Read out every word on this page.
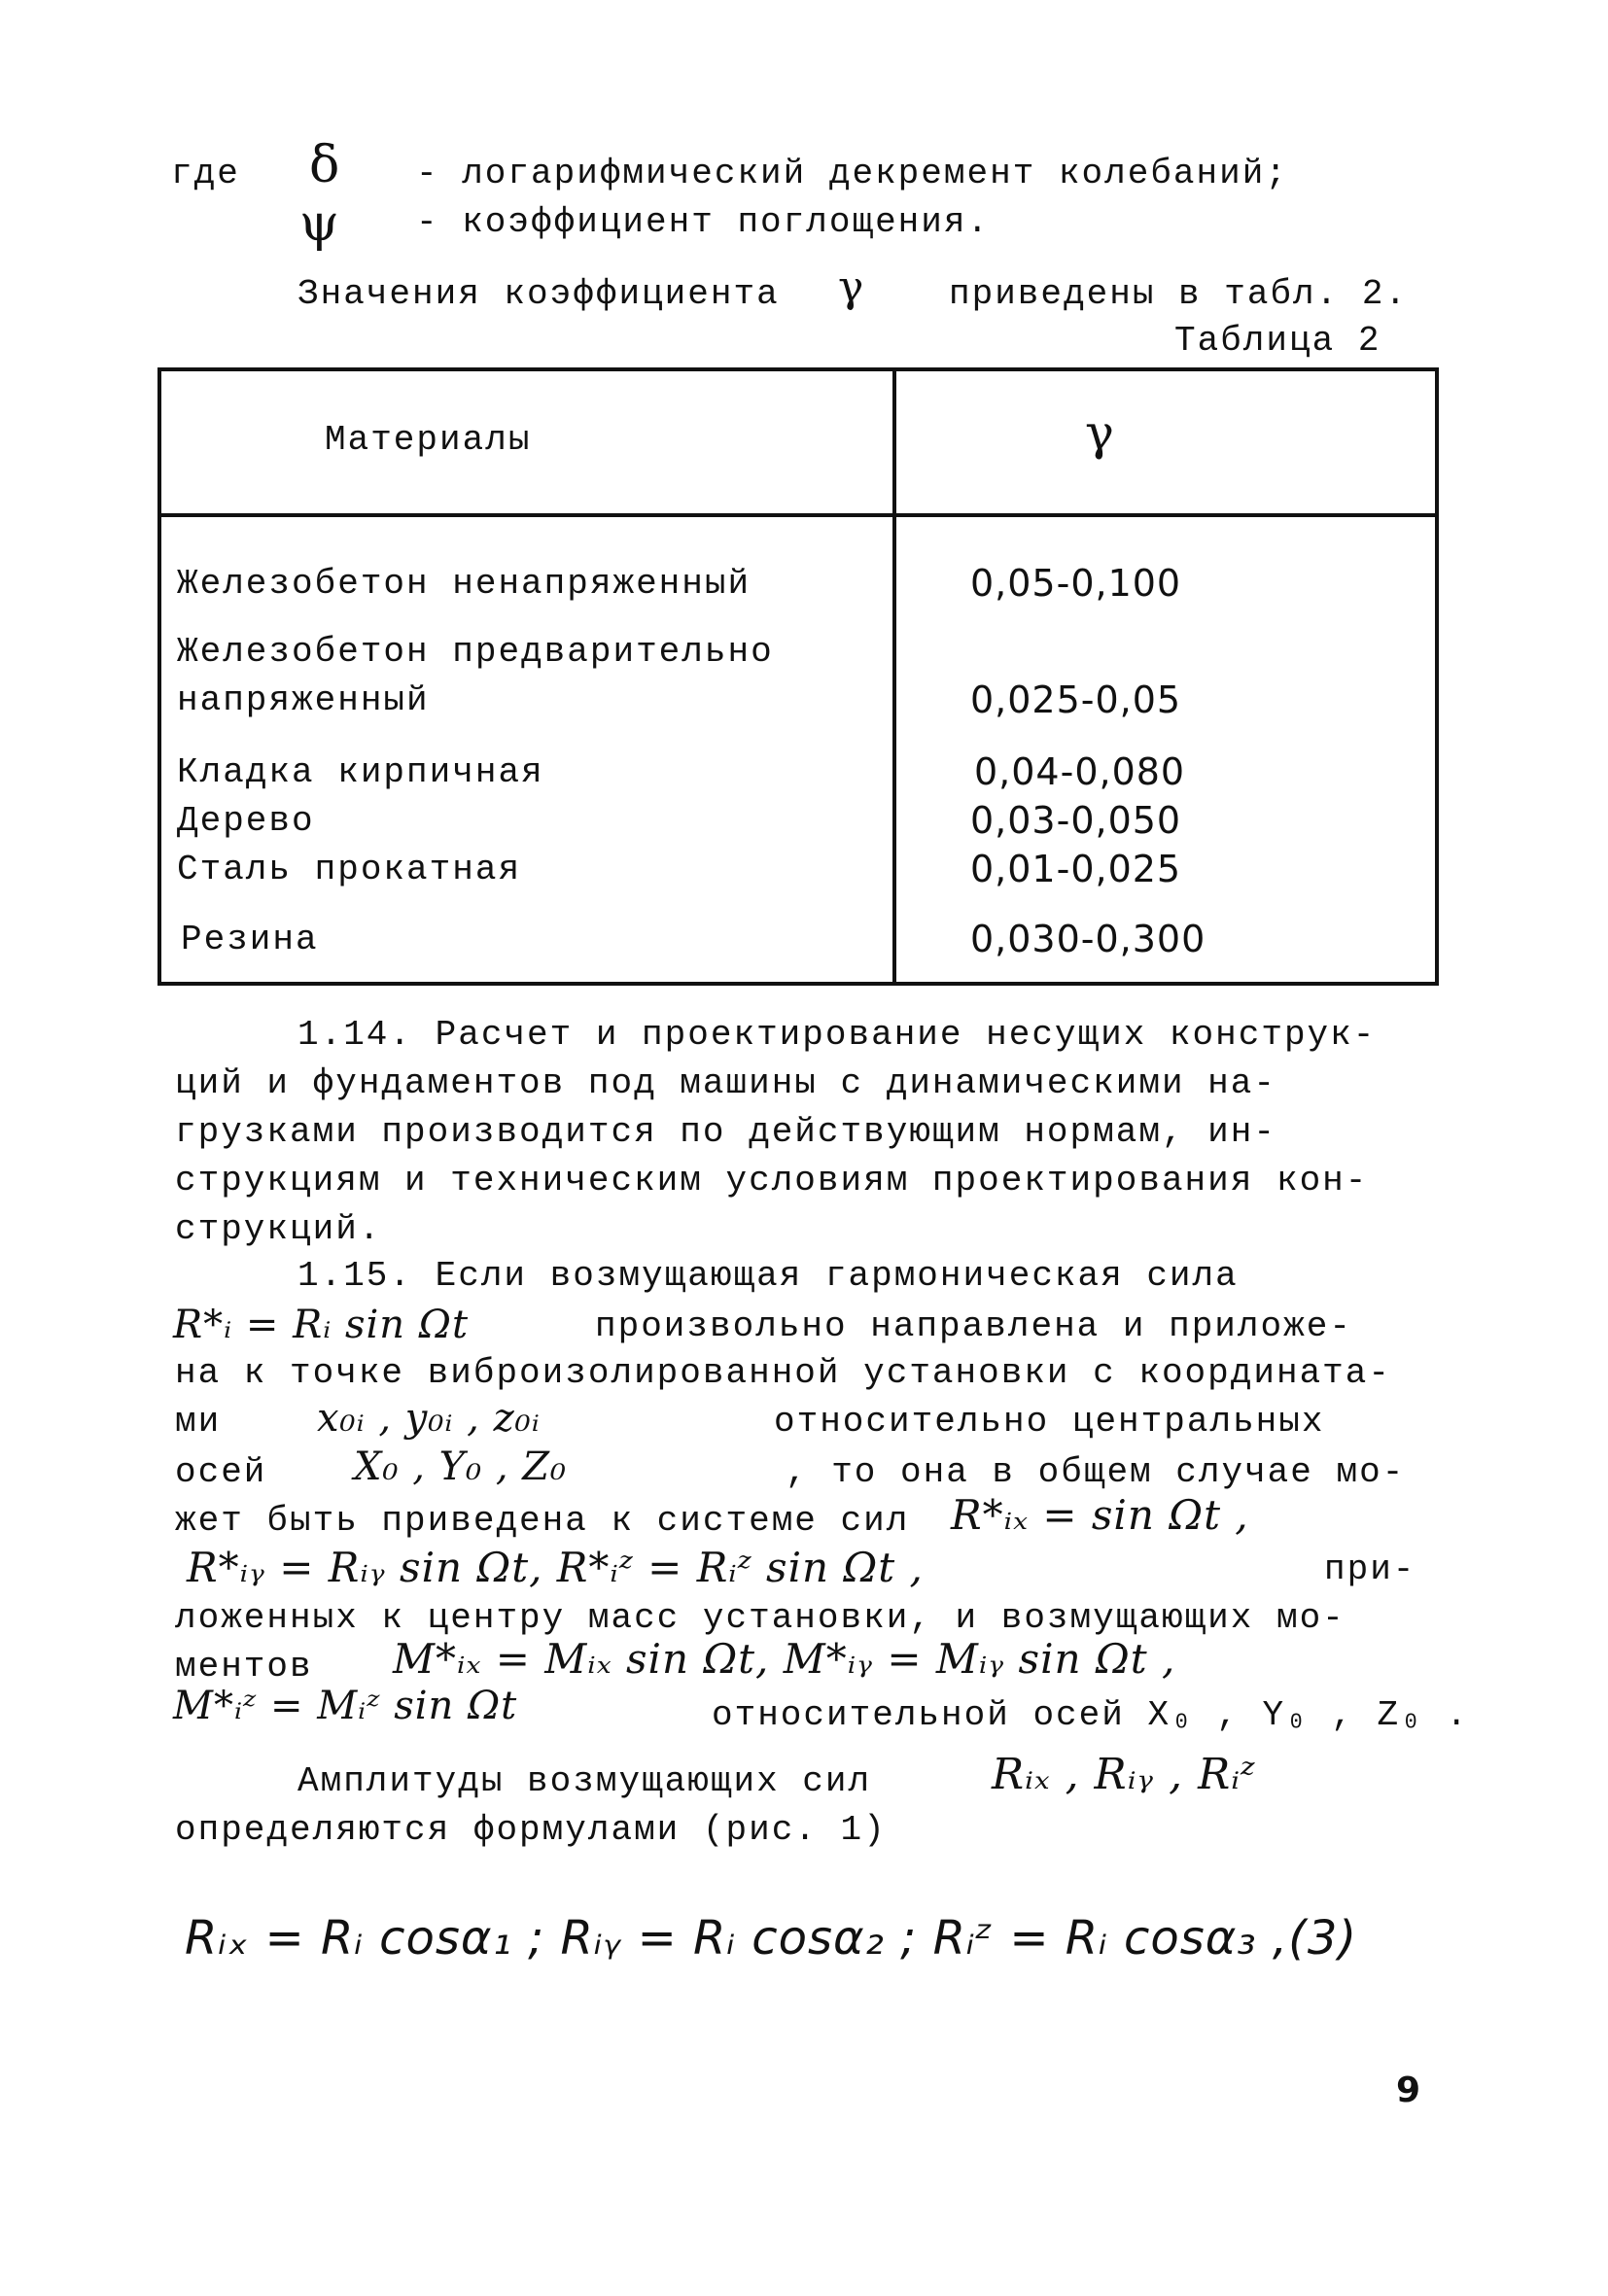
где δ - логарифмический декремент колебаний;
ψ - коэффициент поглощения.
Значения коэффициента γ приведены в табл. 2.
Таблица 2
Материалы	γ
Железобетон ненапряженный	0,05-0,100
Железобетон предварительно
напряженный	0,025-0,05
Кладка кирпичная	0,04-0,080
Дерево	0,03-0,050
Сталь прокатная	0,01-0,025
Резина	0,030-0,300
1.14. Расчет и проектирование несущих конструк-
ций и фундаментов под машины с динамическими на-
грузками производится по действующим нормам, ин-
струкциям и техническим условиям проектирования кон-
струкций.
1.15. Если возмущающая гармоническая сила
R*ᵢ = Rᵢ sin Ωt	произвольно направлена и приложе-
на к точке виброизолированной установки с координата-
ми x₀ᵢ , y₀ᵢ , z₀ᵢ	относительно центральных
осей X₀ , Y₀ , Z₀	, то она в общем случае мо-
жет быть приведена к системе сил R*ᵢₓ = sin Ωt ,
R*ᵢᵧ = Rᵢᵧ sin Ωt, R*ᵢᶻ = Rᵢᶻ sin Ωt ,	при-
ложенных к центру масс установки, и возмущающих мо-
ментов M*ᵢₓ = Mᵢₓ sin Ωt, M*ᵢᵧ = Mᵢᵧ sin Ωt ,
M*ᵢᶻ = Mᵢᶻ sin Ωt	относительной осей X₀ , Y₀ , Z₀ .
Амплитуды возмущающих сил	Rᵢₓ , Rᵢᵧ , Rᵢᶻ
определяются формулами (рис. 1)
Rᵢₓ = Rᵢ cosα₁ ; Rᵢᵧ = Rᵢ cosα₂ ; Rᵢᶻ = Rᵢ cosα₃ ,(3)
9
